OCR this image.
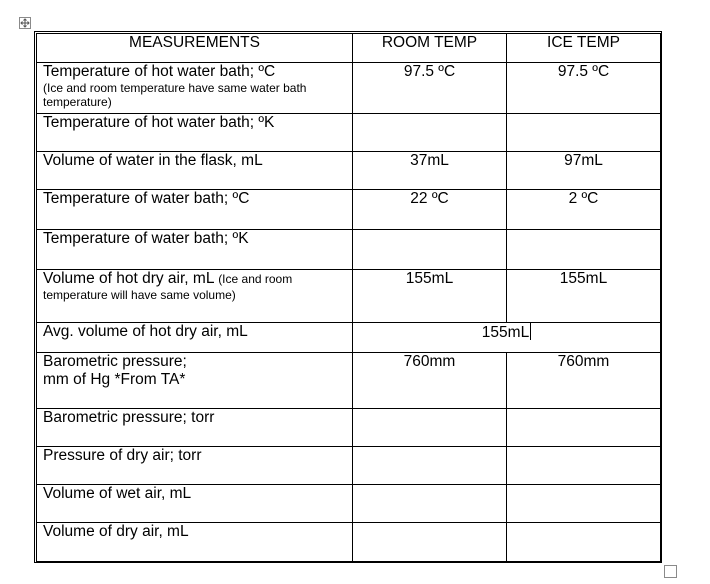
MEASUREMENTS	ROOM TEMP	ICE TEMP

Temperature of hot water bath; ºC
(Ice and room temperature have same water bath temperature)	97.5 ºC	97.5 ºC
Temperature of hot water bath; ºK		
Volume of water in the flask, mL	37mL	97mL
Temperature of water bath; ºC	22 ºC	2 ºC
Temperature of water bath; ºK		
Volume of hot dry air, mL (Ice and room
temperature will have same volume)	155mL	155mL
Avg. volume of hot dry air, mL	155mL	

Barometric pressure;
mm of Hg *From TA*	760mm	760mm
Barometric pressure; torr		
Pressure of dry air; torr		
Volume of wet air, mL		
Volume of dry air, mL		
